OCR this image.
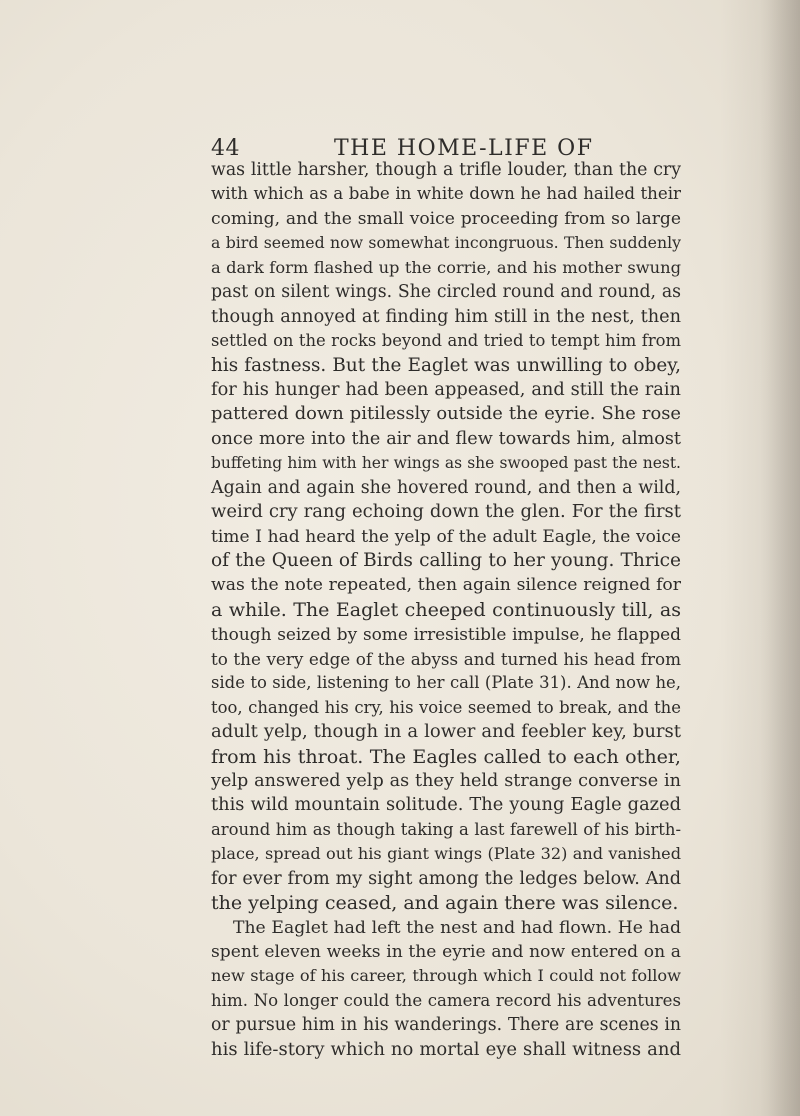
44	THE HOME-LIFE OF
was little harsher, though a trifle louder, than the cry
with which as a babe in white down he had hailed their
coming, and the small voice proceeding from so large
a bird seemed now somewhat incongruous. Then suddenly
a dark form flashed up the corrie, and his mother swung
past on silent wings. She circled round and round, as
though annoyed at finding him still in the nest, then
settled on the rocks beyond and tried to tempt him from
his fastness. But the Eaglet was unwilling to obey,
for his hunger had been appeased, and still the rain
pattered down pitilessly outside the eyrie. She rose
once more into the air and flew towards him, almost
buffeting him with her wings as she swooped past the nest.
Again and again she hovered round, and then a wild,
weird cry rang echoing down the glen. For the first
time I had heard the yelp of the adult Eagle, the voice
of the Queen of Birds calling to her young. Thrice
was the note repeated, then again silence reigned for
a while. The Eaglet cheeped continuously till, as
though seized by some irresistible impulse, he flapped
to the very edge of the abyss and turned his head from
side to side, listening to her call (Plate 31). And now he,
too, changed his cry, his voice seemed to break, and the
adult yelp, though in a lower and feebler key, burst
from his throat. The Eagles called to each other,
yelp answered yelp as they held strange converse in
this wild mountain solitude. The young Eagle gazed
around him as though taking a last farewell of his birth-
place, spread out his giant wings (Plate 32) and vanished
for ever from my sight among the ledges below. And
the yelping ceased, and again there was silence.
The Eaglet had left the nest and had flown. He had
spent eleven weeks in the eyrie and now entered on a
new stage of his career, through which I could not follow
him. No longer could the camera record his adventures
or pursue him in his wanderings. There are scenes in
his life-story which no mortal eye shall witness and
